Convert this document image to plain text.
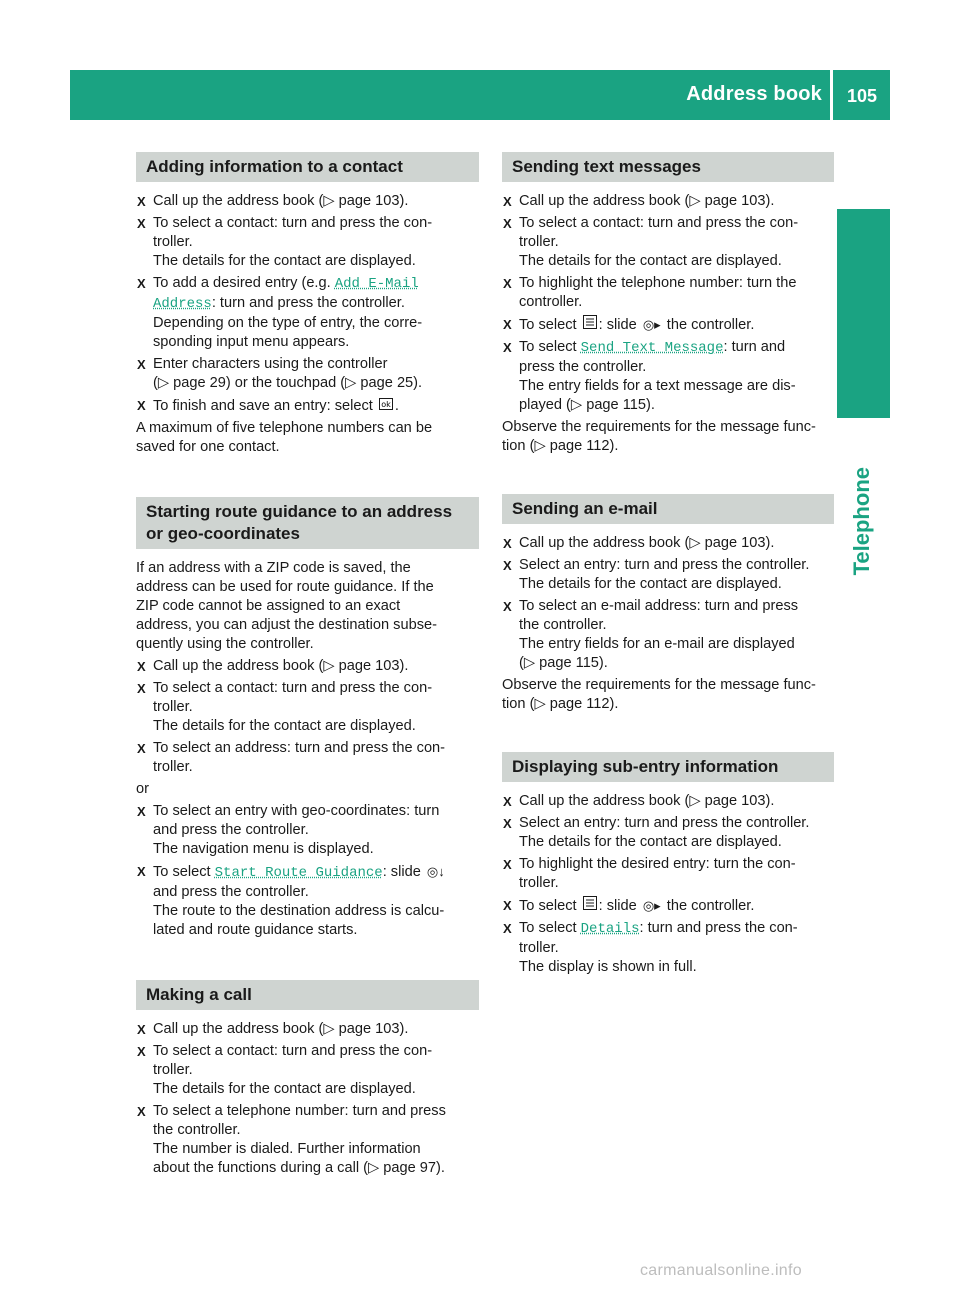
Address book	105
Telephone
Adding information to a contact
X Call up the address book (▷ page 103).
X To select a contact: turn and press the con-
troller.
The details for the contact are displayed.
X To add a desired entry (e.g. Add E-Mail
Address: turn and press the controller.
Depending on the type of entry, the corre-
sponding input menu appears.
X Enter characters using the controller
(▷ page 29) or the touchpad (▷ page 25).
X To finish and save an entry: select ok .
A maximum of five telephone numbers can be
saved for one contact.
Starting route guidance to an address
or geo-coordinates
If an address with a ZIP code is saved, the
address can be used for route guidance. If the
ZIP code cannot be assigned to an exact
address, you can adjust the destination subse-
quently using the controller.
X Call up the address book (▷ page 103).
X To select a contact: turn and press the con-
troller.
The details for the contact are displayed.
X To select an address: turn and press the con-
troller.
or
X To select an entry with geo-coordinates: turn
and press the controller.
The navigation menu is displayed.
X To select Start Route Guidance: slide ◎↓
and press the controller.
The route to the destination address is calcu-
lated and route guidance starts.
Making a call
X Call up the address book (▷ page 103).
X To select a contact: turn and press the con-
troller.
The details for the contact are displayed.
X To select a telephone number: turn and press
the controller.
The number is dialed. Further information
about the functions during a call (▷ page 97).
Sending text messages
X Call up the address book (▷ page 103).
X To select a contact: turn and press the con-
troller.
The details for the contact are displayed.
X To highlight the telephone number: turn the
controller.
X To select : slide ◎▸ the controller.
X To select Send Text Message: turn and
press the controller.
The entry fields for a text message are dis-
played (▷ page 115).
Observe the requirements for the message func-
tion (▷ page 112).
Sending an e-mail
X Call up the address book (▷ page 103).
X Select an entry: turn and press the controller.
The details for the contact are displayed.
X To select an e-mail address: turn and press
the controller.
The entry fields for an e-mail are displayed
(▷ page 115).
Observe the requirements for the message func-
tion (▷ page 112).
Displaying sub-entry information
X Call up the address book (▷ page 103).
X Select an entry: turn and press the controller.
The details for the contact are displayed.
X To highlight the desired entry: turn the con-
troller.
X To select : slide ◎▸ the controller.
X To select Details: turn and press the con-
troller.
The display is shown in full.
carmanualsonline.info
